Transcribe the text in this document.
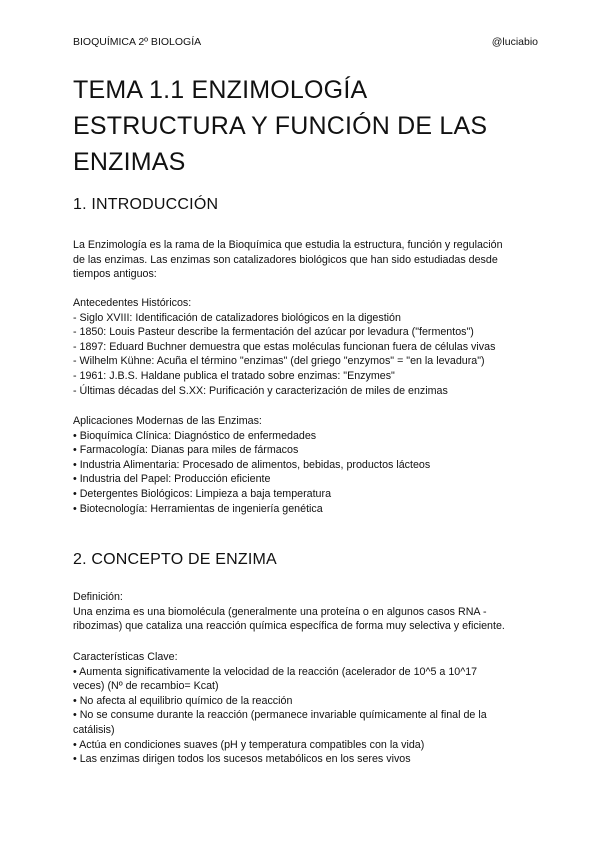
BIOQUÍMICA 2º BIOLOGÍA	@luciabio
TEMA 1.1 ENZIMOLOGÍA
ESTRUCTURA Y FUNCIÓN DE LAS
ENZIMAS
1. INTRODUCCIÓN
La Enzimología es la rama de la Bioquímica que estudia la estructura, función y regulación
de las enzimas. Las enzimas son catalizadores biológicos que han sido estudiadas desde
tiempos antiguos:
Antecedentes Históricos:
- Siglo XVIII: Identificación de catalizadores biológicos en la digestión
- 1850: Louis Pasteur describe la fermentación del azúcar por levadura ("fermentos")
- 1897: Eduard Buchner demuestra que estas moléculas funcionan fuera de células vivas
- Wilhelm Kühne: Acuña el término "enzimas" (del griego "enzymos" = "en la levadura")
- 1961: J.B.S. Haldane publica el tratado sobre enzimas: "Enzymes"
- Últimas décadas del S.XX: Purificación y caracterización de miles de enzimas
Aplicaciones Modernas de las Enzimas:
• Bioquímica Clínica: Diagnóstico de enfermedades
• Farmacología: Dianas para miles de fármacos
• Industria Alimentaria: Procesado de alimentos, bebidas, productos lácteos
• Industria del Papel: Producción eficiente
• Detergentes Biológicos: Limpieza a baja temperatura
• Biotecnología: Herramientas de ingeniería genética
2. CONCEPTO DE ENZIMA
Definición:
Una enzima es una biomolécula (generalmente una proteína o en algunos casos RNA -
ribozimas) que cataliza una reacción química específica de forma muy selectiva y eficiente.
Características Clave:
• Aumenta significativamente la velocidad de la reacción (acelerador de 10^5 a 10^17
veces) (Nº de recambio= Kcat)
• No afecta al equilibrio químico de la reacción
• No se consume durante la reacción (permanece invariable químicamente al final de la
catálisis)
• Actúa en condiciones suaves (pH y temperatura compatibles con la vida)
• Las enzimas dirigen todos los sucesos metabólicos en los seres vivos
